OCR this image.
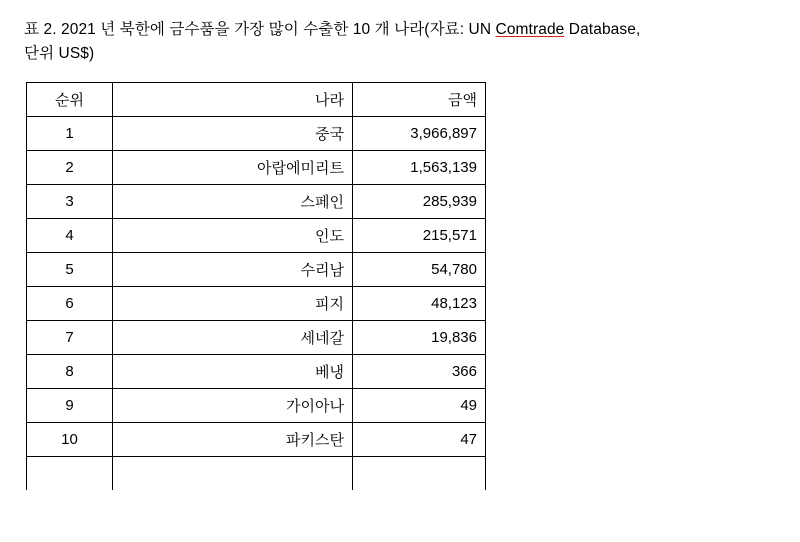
표 2. 2021 년 북한에 금수품을 가장 많이 수출한 10 개 나라(자료: UN Comtrade Database,
단위 US$)

순위	나라	금액
1	중국	3,966,897
2	아랍에미리트	1,563,139
3	스페인	285,939
4	인도	215,571
5	수리남	54,780
6	피지	48,123
7	세네갈	19,836
8	베냉	366
9	가이아나	49
10	파키스탄	47
